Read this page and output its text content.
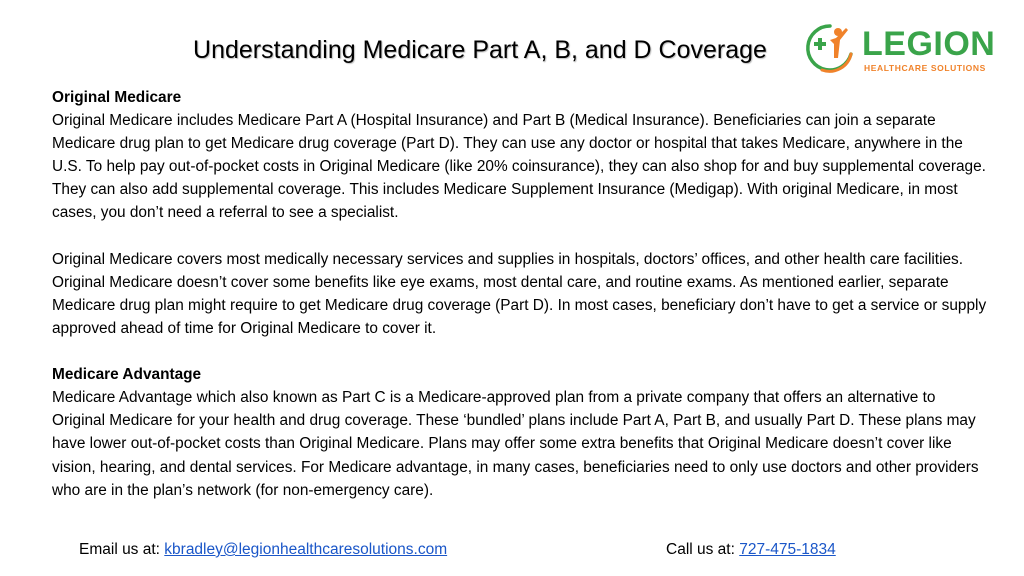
Understanding Medicare Part A, B, and D Coverage	LEGION
HEALTHCARE SOLUTIONS

Original Medicare

Original Medicare includes Medicare Part A (Hospital Insurance) and Part B (Medical Insurance). Beneficiaries can join a separate Medicare drug plan to get Medicare drug coverage (Part D). They can use any doctor or hospital that takes Medicare, anywhere in the U.S. To help pay out-of-pocket costs in Original Medicare (like 20% coinsurance), they can also shop for and buy supplemental coverage. They can also add supplemental coverage. This includes Medicare Supplement Insurance (Medigap). With original Medicare, in most cases, you don’t need a referral to see a specialist.

Original Medicare covers most medically necessary services and supplies in hospitals, doctors’ offices, and other health care facilities. Original Medicare doesn’t cover some benefits like eye exams, most dental care, and routine exams. As mentioned earlier, separate Medicare drug plan might require to get Medicare drug coverage (Part D). In most cases, beneficiary don’t have to get a service or supply approved ahead of time for Original Medicare to cover it.

Medicare Advantage

Medicare Advantage which also known as Part C is a Medicare-approved plan from a private company that offers an alternative to Original Medicare for your health and drug coverage. These ‘bundled’ plans include Part A, Part B, and usually Part D. These plans may have lower out-of-pocket costs than Original Medicare. Plans may offer some extra benefits that Original Medicare doesn’t cover like vision, hearing, and dental services. For Medicare advantage, in many cases, beneficiaries need to only use doctors and other providers who are in the plan’s network (for non-emergency care).

Email us at: kbradley@legionhealthcaresolutions.com	Call us at: 727-475-1834
